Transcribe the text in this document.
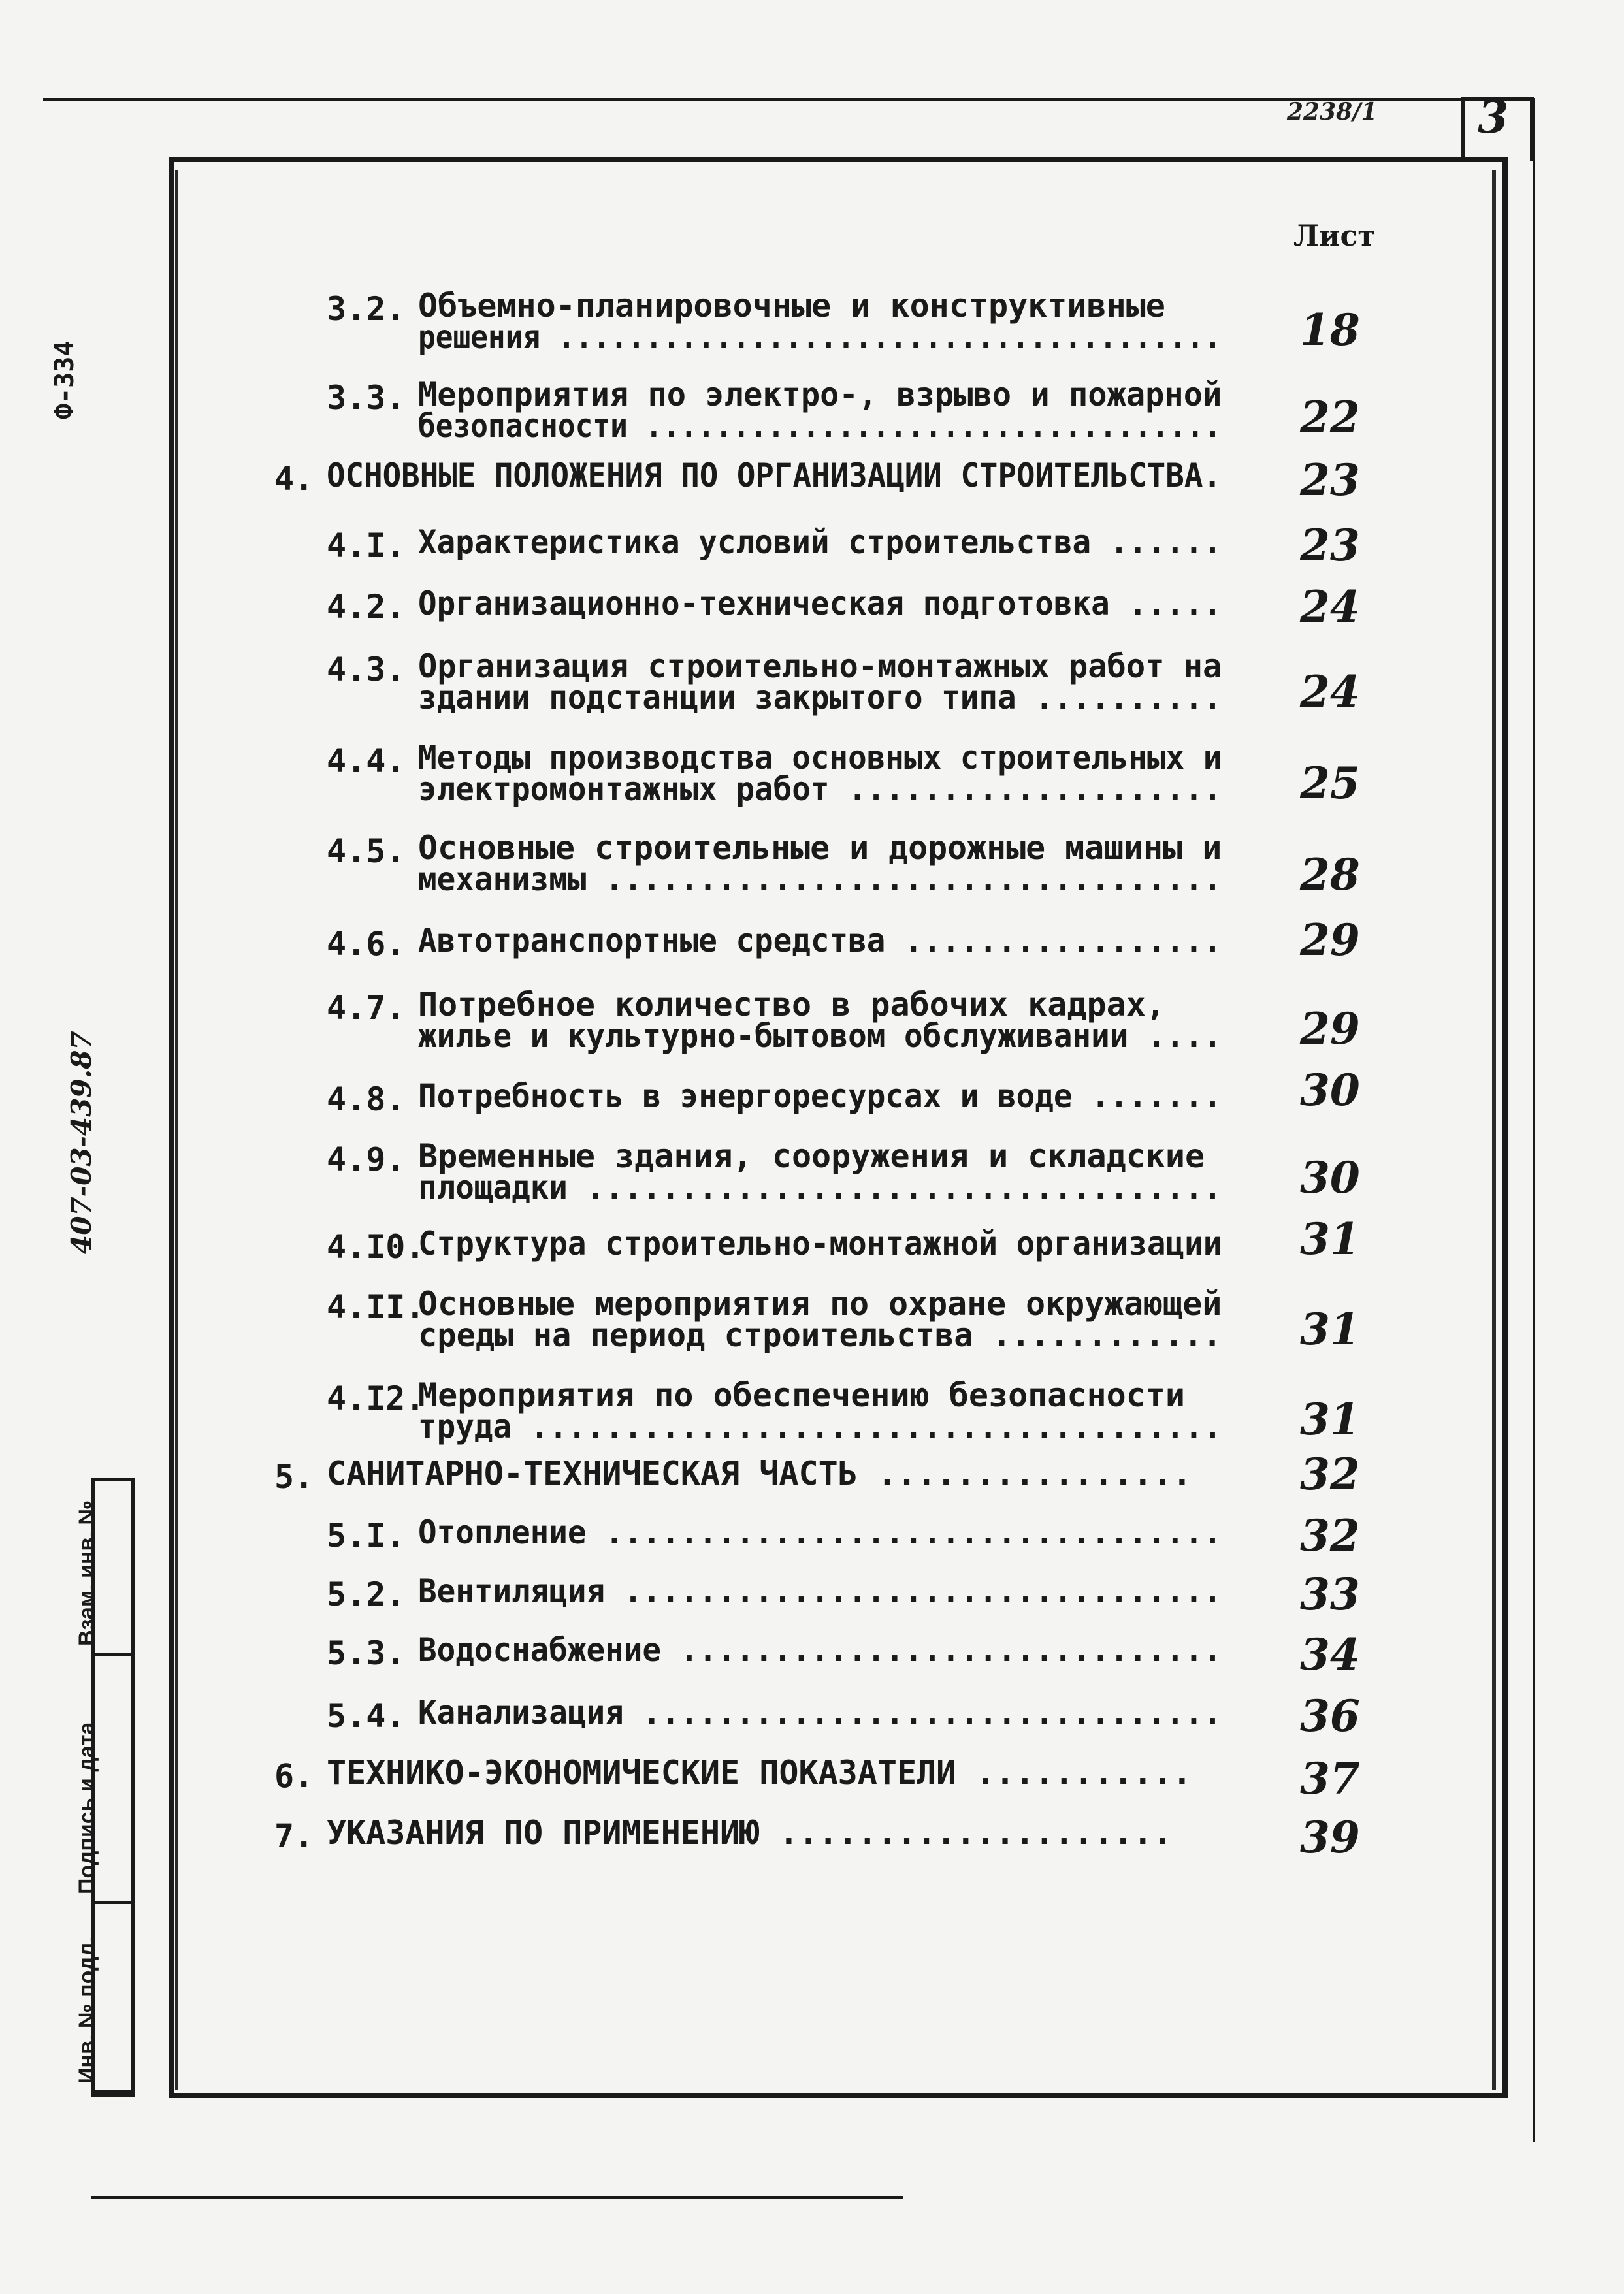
2238/1 3
Ф-334
407-03-439.87
Инв. № подл.
Подпись и дата
Взам. инв. №
Лист
3.2. Объемно-планировочные и конструктивные
решения ...................................... 18
3.3. Мероприятия по электро-, взрыво и пожарной
безопасности ................................. 22
4. ОСНОВНЫЕ ПОЛОЖЕНИЯ ПО ОРГАНИЗАЦИИ СТРОИТЕЛЬСТВА. 23
4.I. Характеристика условий строительства ...... 23
4.2. Организационно-техническая подготовка ..... 24
4.3. Организация строительно-монтажных работ на
здании подстанции закрытого типа .......... 24
4.4. Методы производства основных строительных и
электромонтажных работ .................... 25
4.5. Основные строительные и дорожные машины и
механизмы ................................. 28
4.6. Автотранспортные средства ................. 29
4.7. Потребное количество в рабочих кадрах,
жилье и культурно-бытовом обслуживании .... 29
4.8. Потребность в энергоресурсах и воде ....... 30
4.9. Временные здания, сооружения и складские
площадки .................................. 30
4.I0.
Структура строительно-монтажной организации 31
4.II.
Основные мероприятия по охране окружающей
среды на период строительства ............ 31
4.I2.
Мероприятия по обеспечению безопасности
труда ..................................... 31
5. САНИТАРНО-ТЕХНИЧЕСКАЯ ЧАСТЬ ................	32
5.I. Отопление ................................. 32
5.2. Вентиляция ................................ 33
5.3. Водоснабжение ............................. 34
5.4. Канализация ............................... 36
6. ТЕХНИКО-ЭКОНОМИЧЕСКИЕ ПОКАЗАТЕЛИ ...........	37
7. УКАЗАНИЯ ПО ПРИМЕНЕНИЮ ....................	39
